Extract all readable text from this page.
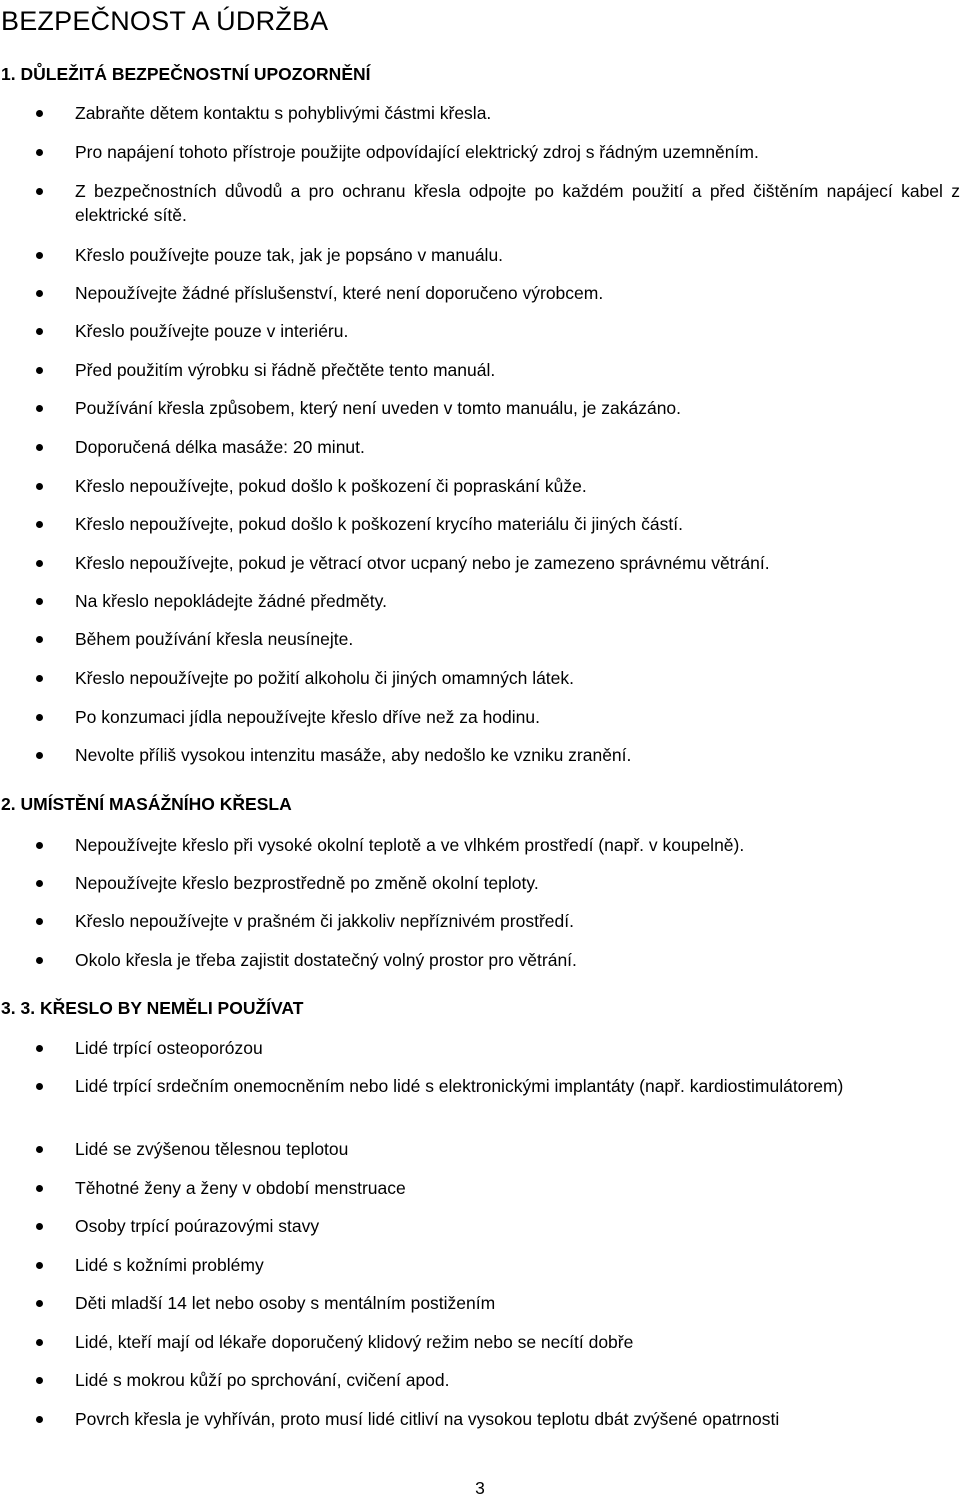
BEZPEČNOST A ÚDRŽBA
1. DŮLEŽITÁ BEZPEČNOSTNÍ UPOZORNĚNÍ
Zabraňte dětem kontaktu s pohyblivými částmi křesla.
Pro napájení tohoto přístroje použijte odpovídající elektrický zdroj s řádným uzemněním.
Z bezpečnostních důvodů a pro ochranu křesla odpojte po každém použití a před čištěním napájecí kabel z elektrické sítě.
Křeslo používejte pouze tak, jak je popsáno v manuálu.
Nepoužívejte žádné příslušenství, které není doporučeno výrobcem.
Křeslo používejte pouze v interiéru.
Před použitím výrobku si řádně přečtěte tento manuál.
Používání křesla způsobem, který není uveden v tomto manuálu, je zakázáno.
Doporučená délka masáže: 20 minut.
Křeslo nepoužívejte, pokud došlo k poškození či popraskání kůže.
Křeslo nepoužívejte, pokud došlo k poškození krycího materiálu či jiných částí.
Křeslo nepoužívejte, pokud je větrací otvor ucpaný nebo je zamezeno správnému větrání.
Na křeslo nepokládejte žádné předměty.
Během používání křesla neusínejte.
Křeslo nepoužívejte po požití alkoholu či jiných omamných látek.
Po konzumaci jídla nepoužívejte křeslo dříve než za hodinu.
Nevolte příliš vysokou intenzitu masáže, aby nedošlo ke vzniku zranění.
2. UMÍSTĚNÍ MASÁŽNÍHO KŘESLA
Nepoužívejte křeslo při vysoké okolní teplotě a ve vlhkém prostředí (např. v koupelně).
Nepoužívejte křeslo bezprostředně po změně okolní teploty.
Křeslo nepoužívejte v prašném či jakkoliv nepříznivém prostředí.
Okolo křesla je třeba zajistit dostatečný volný prostor pro větrání.
3. 3. KŘESLO BY NEMĚLI POUŽÍVAT
Lidé trpící osteoporózou
Lidé trpící srdečním onemocněním nebo lidé s elektronickými implantáty (např. kardiostimulátorem)
Lidé se zvýšenou tělesnou teplotou
Těhotné ženy a ženy v období menstruace
Osoby trpící poúrazovými stavy
Lidé s kožními problémy
Děti mladší 14 let nebo osoby s mentálním postižením
Lidé, kteří mají od lékaře doporučený klidový režim nebo se necítí dobře
Lidé s mokrou kůží po sprchování, cvičení apod.
Povrch křesla je vyhříván, proto musí lidé citliví na vysokou teplotu dbát zvýšené opatrnosti
3
